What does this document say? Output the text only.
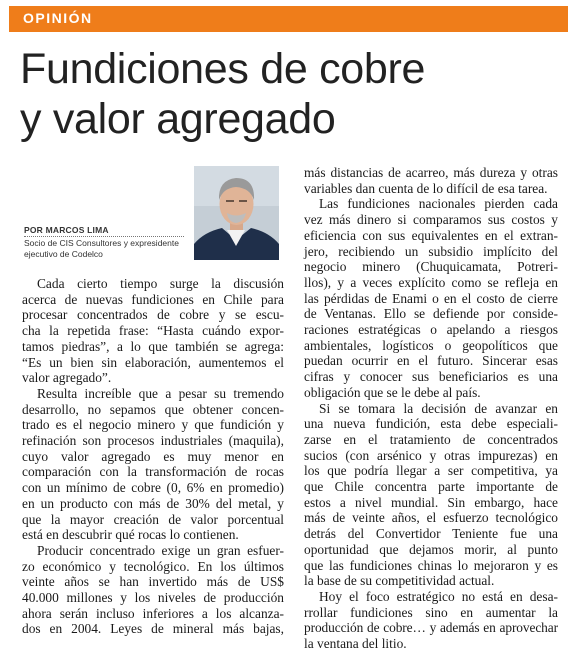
OPINIÓN
Fundiciones de cobre
y valor agregado
POR MARCOS LIMA
Socio de CIS Consultores y expresidente
ejecutivo de Codelco
Cada cierto tiempo surge la discusión
acerca de nuevas fundiciones en Chile para
procesar concentrados de cobre y se escu-
cha la repetida frase: “Hasta cuándo expor-
tamos piedras”, a lo que también se agrega:
“Es un bien sin elaboración, aumentemos el
valor agregado”.
Resulta increíble que a pesar su tremendo
desarrollo, no sepamos que obtener concen-
trado es el negocio minero y que fundición y
refinación son procesos industriales (maquila),
cuyo valor agregado es muy menor en
comparación con la transformación de rocas
con un mínimo de cobre (0, 6% en promedio)
en un producto con más de 30% del metal, y
que la mayor creación de valor porcentual
está en descubrir qué rocas lo contienen.
Producir concentrado exige un gran esfuer-
zo económico y tecnológico. En los últimos
veinte años se han invertido más de US$
40.000 millones y los niveles de producción
ahora serán incluso inferiores a los alcanza-
dos en 2004. Leyes de mineral más bajas,
más distancias de acarreo, más dureza y otras
variables dan cuenta de lo difícil de esa tarea.
Las fundiciones nacionales pierden cada
vez más dinero si comparamos sus costos y
eficiencia con sus equivalentes en el extran-
jero, recibiendo un subsidio implícito del
negocio minero (Chuquicamata, Potreri-
llos), y a veces explícito como se refleja en
las pérdidas de Enami o en el costo de cierre
de Ventanas. Ello se defiende por conside-
raciones estratégicas o apelando a riesgos
ambientales, logísticos o geopolíticos que
puedan ocurrir en el futuro. Sincerar esas
cifras y conocer sus beneficiarios es una
obligación que se le debe al país.
Si se tomara la decisión de avanzar en
una nueva fundición, esta debe especiali-
zarse en el tratamiento de concentrados
sucios (con arsénico y otras impurezas) en
los que podría llegar a ser competitiva, ya
que Chile concentra parte importante de
estos a nivel mundial. Sin embargo, hace
más de veinte años, el esfuerzo tecnológico
detrás del Convertidor Teniente fue una
oportunidad que dejamos morir, al punto
que las fundiciones chinas lo mejoraron y es
la base de su competitividad actual.
Hoy el foco estratégico no está en desa-
rrollar fundiciones sino en aumentar la
producción de cobre… y además en aprovechar
la ventana del litio.
